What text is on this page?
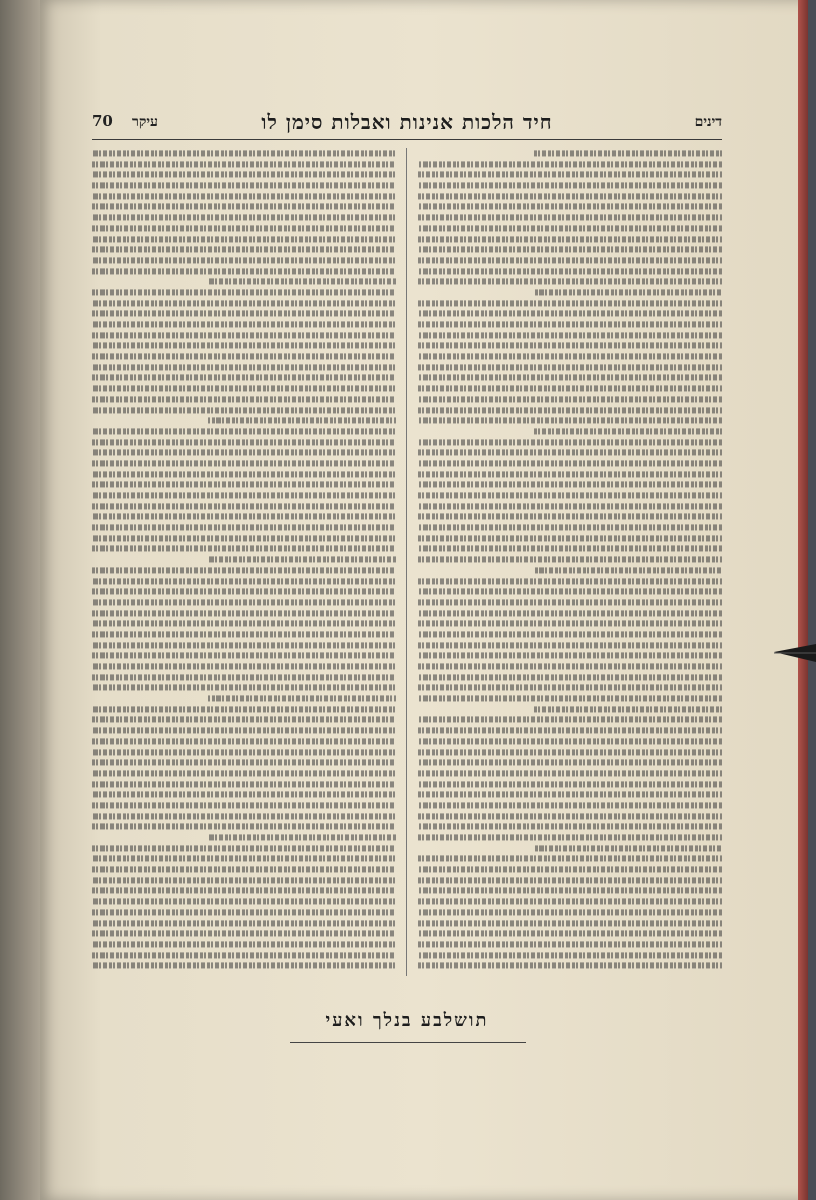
70 עיקר	חיד הלכות אנינות ואבלות סימן לו	דינים
תושלבע בנלך ואעי
